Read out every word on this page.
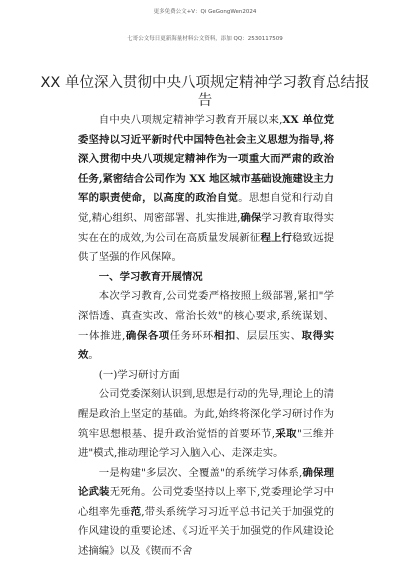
更多免费公文+V：Qi GeGongWen2024
七哥公文每日更新海量材料公文资料，添加 QQ：2530117509
XX 单位深入贯彻中央八项规定精神学习教育总结报告

自中央八项规定精神学习教育开展以来,XX 单位党委坚持以习近平新时代中国特色社会主义思想为指导,将深入贯彻中央八项规定精神作为一项重大而严肃的政治任务,紧密结合公司作为 XX 地区城市基础设施建设主力军的职责使命，以高度的政治自觉。思想自觉和行动自觉,精心组织、周密部署、扎实推进,确保学习教育取得实实在在的成效,为公司在高质量发展新征程上行稳致远提供了坚强的作风保障。

一、学习教育开展情况

本次学习教育,公司党委严格按照上级部署,紧扣"学深悟透、真查实改、常治长效"的核心要求,系统谋划、一体推进,确保各项任务环环相扣、层层压实、取得实效。

(一)学习研讨方面

公司党委深刻认识到,思想是行动的先导,理论上的清醒是政治上坚定的基础。为此,始终将深化学习研讨作为筑牢思想根基、提升政治觉悟的首要环节,采取"三维并进"模式,推动理论学习入脑入心、走深走实。

一是构建"多层次、全覆盖"的系统学习体系,确保理论武装无死角。公司党委坚持以上率下,党委理论学习中心组率先垂范,带头系统学习习近平总书记关于加强党的作风建设的重要论述、《习近平关于加强党的作风建设论述摘编》以及《锲而不舍
